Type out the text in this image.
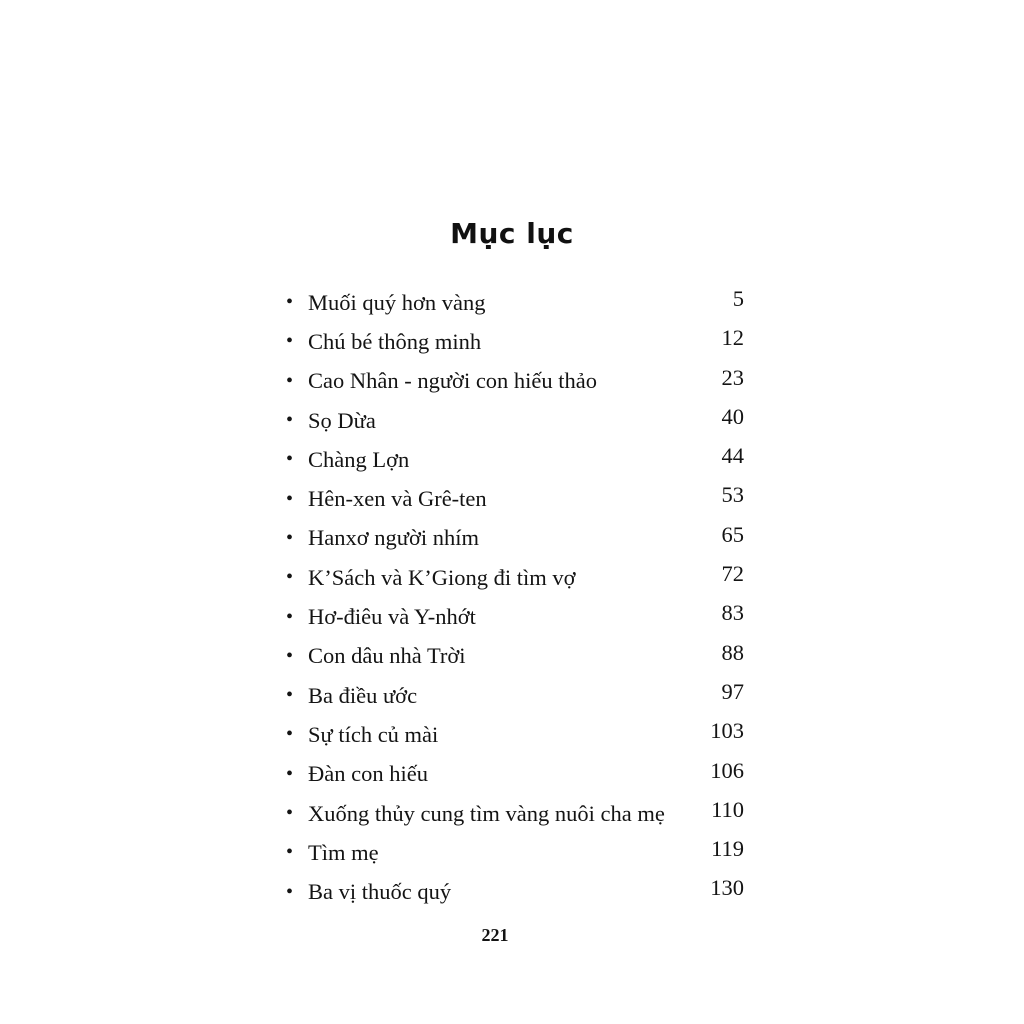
Mục lục
• Muối quý hơn vàng	5
• Chú bé thông minh	12
• Cao Nhân - người con hiếu thảo	23
• Sọ Dừa	40
• Chàng Lợn	44
• Hên-xen và Grê-ten	53
• Hanxơ người nhím	65
• K’Sách và K’Giong đi tìm vợ	72
• Hơ-điêu và Y-nhớt	83
• Con dâu nhà Trời	88
• Ba điều ước	97
• Sự tích củ mài	103
• Đàn con hiếu	106
• Xuống thủy cung tìm vàng nuôi cha mẹ	110
• Tìm mẹ	119
• Ba vị thuốc quý	130
221
